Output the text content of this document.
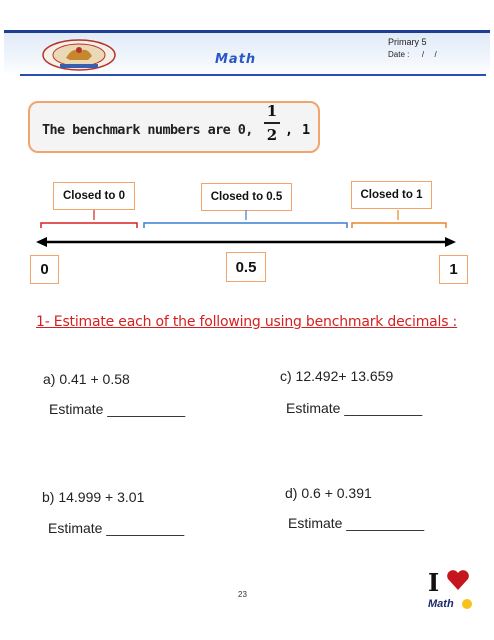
Math
Primary 5
Date : / /
The benchmark numbers are 0,
1
2 , 1
Closed to 0	Closed to 0.5	Closed to 1
0	0.5	1
1- Estimate each of the following using benchmark decimals :
a) 0.41 + 0.58
Estimate __________
c) 12.492+ 13.659
Estimate __________
b) 14.999 + 3.01
Estimate __________
d) 0.6 + 0.391
Estimate __________
23	I
Math
